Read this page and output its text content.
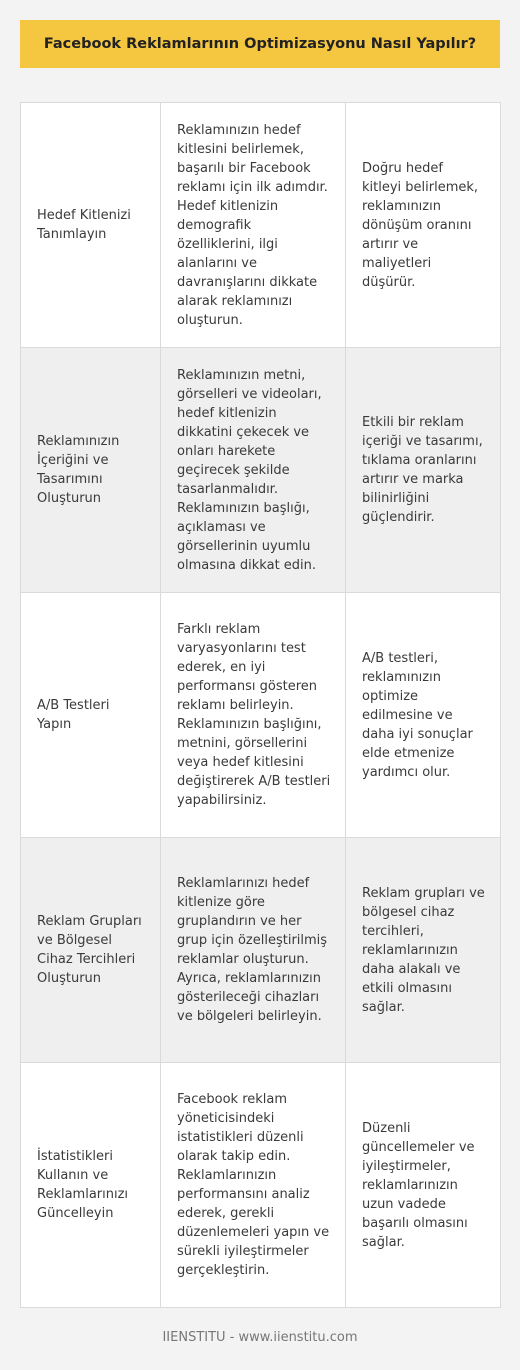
Facebook Reklamlarının Optimizasyonu Nasıl Yapılır?
Hedef Kitlenizi Tanımlayın	Reklamınızın hedef kitlesini belirlemek, başarılı bir Facebook reklamı için ilk adımdır. Hedef kitlenizin demografik özelliklerini, ilgi alanlarını ve davranışlarını dikkate alarak reklamınızı oluşturun.	Doğru hedef kitleyi belirlemek, reklamınızın dönüşüm oranını artırır ve maliyetleri düşürür.
Reklamınızın İçeriğini ve Tasarımını Oluşturun	Reklamınızın metni, görselleri ve videoları, hedef kitlenizin dikkatini çekecek ve onları harekete geçirecek şekilde tasarlanmalıdır. Reklamınızın başlığı, açıklaması ve görsellerinin uyumlu olmasına dikkat edin.	Etkili bir reklam içeriği ve tasarımı, tıklama oranlarını artırır ve marka bilinirliğini güçlendirir.
A/B Testleri Yapın	Farklı reklam varyasyonlarını test ederek, en iyi performansı gösteren reklamı belirleyin. Reklamınızın başlığını, metnini, görsellerini veya hedef kitlesini değiştirerek A/B testleri yapabilirsiniz.	A/B testleri, reklamınızın optimize edilmesine ve daha iyi sonuçlar elde etmenize yardımcı olur.
Reklam Grupları ve Bölgesel Cihaz Tercihleri Oluşturun	Reklamlarınızı hedef kitlenize göre gruplandırın ve her grup için özelleştirilmiş reklamlar oluşturun. Ayrıca, reklamlarınızın gösterileceği cihazları ve bölgeleri belirleyin.	Reklam grupları ve bölgesel cihaz tercihleri, reklamlarınızın daha alakalı ve etkili olmasını sağlar.
İstatistikleri Kullanın ve Reklamlarınızı Güncelleyin	Facebook reklam yöneticisindeki istatistikleri düzenli olarak takip edin. Reklamlarınızın performansını analiz ederek, gerekli düzenlemeleri yapın ve sürekli iyileştirmeler gerçekleştirin.	Düzenli güncellemeler ve iyileştirmeler, reklamlarınızın uzun vadede başarılı olmasını sağlar.
IIENSTITU - www.iienstitu.com
